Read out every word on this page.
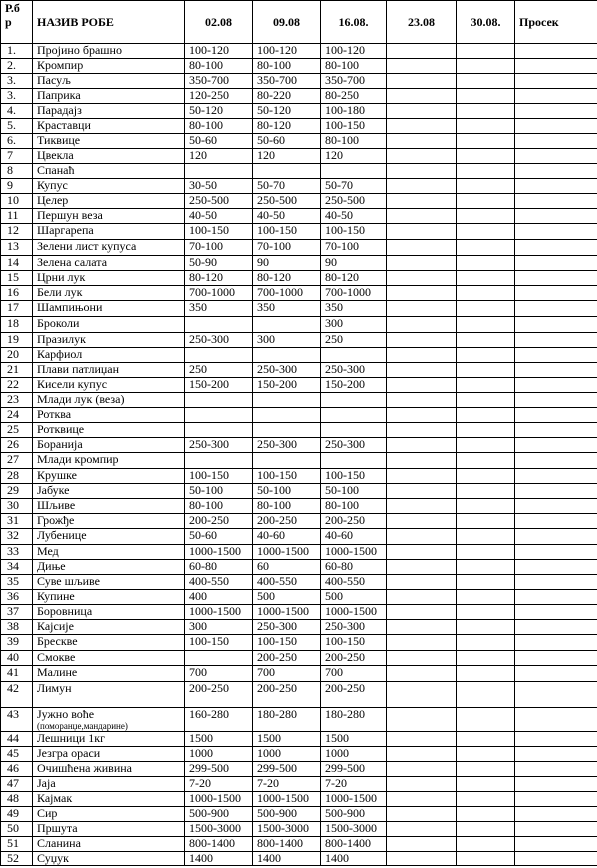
Р.б р	НАЗИВ РОБЕ	02.08	09.08	16.08.	23.08	30.08.	Просек
1.	Пројино брашно	100-120	100-120	100-120			
2.	Кромпир	80-100	80-100	80-100			
3.	Пасуљ	350-700	350-700	350-700			
3.	Паприка	120-250	80-220	80-250			
4.	Парадајз	50-120	50-120	100-180			
5.	Краставци	80-100	80-120	100-150			
6.	Тиквице	50-60	50-60	80-100			
7	Цвекла	120	120	120			
8	Спанаћ						
9	Купус	30-50	50-70	50-70			
10	Целер	250-500	250-500	250-500			
11	Першун веза	40-50	40-50	40-50			
12	Шаргарепа	100-150	100-150	100-150			
13	Зелени лист купуса	70-100	70-100	70-100			
14	Зелена салата	50-90	90	90			
15	Црни лук	80-120	80-120	80-120			
16	Бели лук	700-1000	700-1000	700-1000			
17	Шампињони	350	350	350			
18	Броколи			300			
19	Празилук	250-300	300	250			
20	Карфиол						
21	Плави патлиџан	250	250-300	250-300			
22	Кисели купус	150-200	150-200	150-200			
23	Млади лук (веза)						
24	Ротква						
25	Ротквице						
26	Боранија	250-300	250-300	250-300			
27	Млади кромпир						
28	Крушке	100-150	100-150	100-150			
29	Јабуке	50-100	50-100	50-100			
30	Шљиве	80-100	80-100	80-100			
31	Грожђе	200-250	200-250	200-250			
32	Лубенице	50-60	40-60	40-60			
33	Мед	1000-1500	1000-1500	1000-1500			
34	Диње	60-80	60	60-80			
35	Суве шљиве	400-550	400-550	400-550			
36	Купине	400	500	500			
37	Боровница	1000-1500	1000-1500	1000-1500			
38	Кајсије	300	250-300	250-300			
39	Брескве	100-150	100-150	100-150			
40	Смокве		200-250	200-250			
41	Малине	700	700	700			
42	Лимун	200-250	200-250	200-250			
43	Јужно воће
(поморанџе,мандарине)	160-280	180-280	180-280			
44	Лешници 1кг	1500	1500	1500			
45	Језгра ораси	1000	1000	1000			
46	Очишћена живина	299-500	299-500	299-500			
47	Јаја	7-20	7-20	7-20			
48	Кајмак	1000-1500	1000-1500	1000-1500			
49	Сир	500-900	500-900	500-900			
50	Пршута	1500-3000	1500-3000	1500-3000			
51	Сланина	800-1400	800-1400	800-1400			
52	Суџук	1400	1400	1400			
